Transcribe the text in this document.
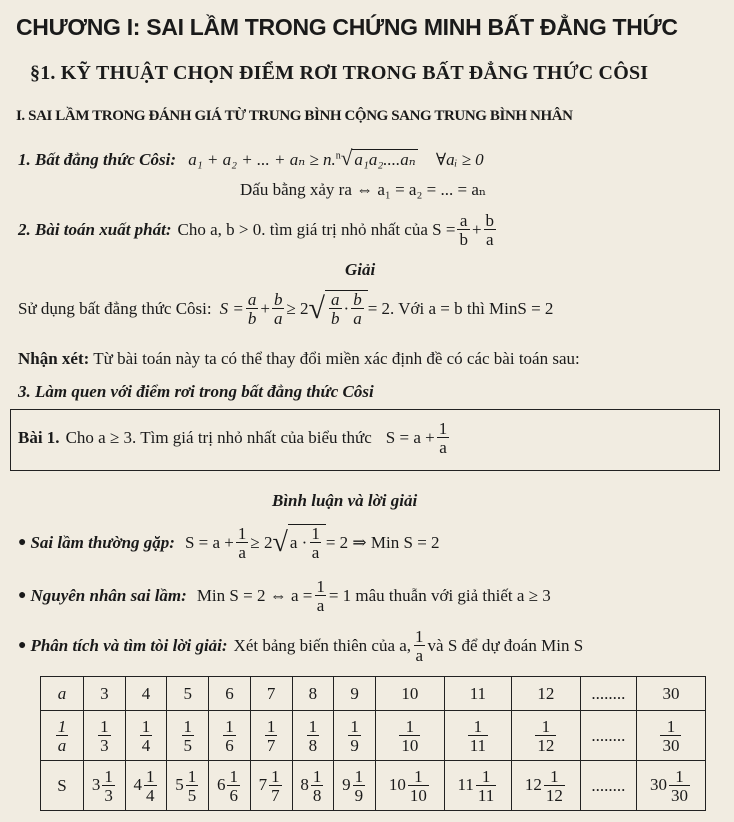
CHƯƠNG I: SAI LẦM TRONG CHỨNG MINH BẤT ĐẲNG THỨC
§1. KỸ THUẬT CHỌN ĐIỂM RƠI TRONG BẤT ĐẲNG THỨC CÔSI
I. SAI LẦM TRONG ĐÁNH GIÁ TỪ TRUNG BÌNH CỘNG SANG TRUNG BÌNH NHÂN
1. Bất đẳng thức Côsi: a₁ + a₂ + ... + aₙ ≥ n.$^n$√ a₁a₂....aₙ ∀aᵢ ≥ 0
Dấu bằng xảy ra ⇔ a₁ = a₂ = ... = aₙ
2. Bài toán xuất phát: Cho a, b > 0. tìm giá trị nhỏ nhất của $S = \frac{a}{b} + \frac{b}{a}$
Giải
Sử dụng bất đẳng thức Côsi: $S = \frac{a}{b} + \frac{b}{a} \ge 2$ √ $\frac{a}{b} \cdot \frac{b}{a} = 2$ . Với a = b thì MinS = 2
Nhận xét: Từ bài toán này ta có thể thay đổi miền xác định đề có các bài toán sau:
3. Làm quen với điểm rơi trong bất đẳng thức Côsi
Bài 1. Cho a ≥ 3. Tìm giá trị nhỏ nhất của biểu thức $S = a + \frac{1}{a}$
Bình luận và lời giải
● Sai lầm thường gặp: $S = a + \frac{1}{a} \ge 2$ √ $a \cdot \frac{1}{a} = 2$ ⇒ Min S = 2
● Nguyên nhân sai lầm: Min S = 2 ⇔ $a = \frac{1}{a} = 1$ mâu thuẫn với giả thiết a ≥ 3
● Phân tích và tìm tòi lời giải: Xét bảng biến thiên của a, $\frac{1}{a}$ và S để dự đoán Min S
a	3	4	5	6	7	8	9	10	11	12	........	30

$\frac{1}{a}$	$\frac{1}{3}$	$\frac{1}{4}$	$\frac{1}{5}$	$\frac{1}{6}$	$\frac{1}{7}$	$\frac{1}{8}$	$\frac{1}{9}$	$\frac{1}{10}$	$\frac{1}{11}$	$\frac{1}{12}$	........	$\frac{1}{30}$

S	$3 \frac{1}{3}$	$4 \frac{1}{4}$	$5 \frac{1}{5}$	$6 \frac{1}{6}$	$7 \frac{1}{7}$	$8 \frac{1}{8}$	$9 \frac{1}{9}$	$10 \frac{1}{10}$	$11 \frac{1}{11}$	$12 \frac{1}{12}$	........	$30 \frac{1}{30}$
